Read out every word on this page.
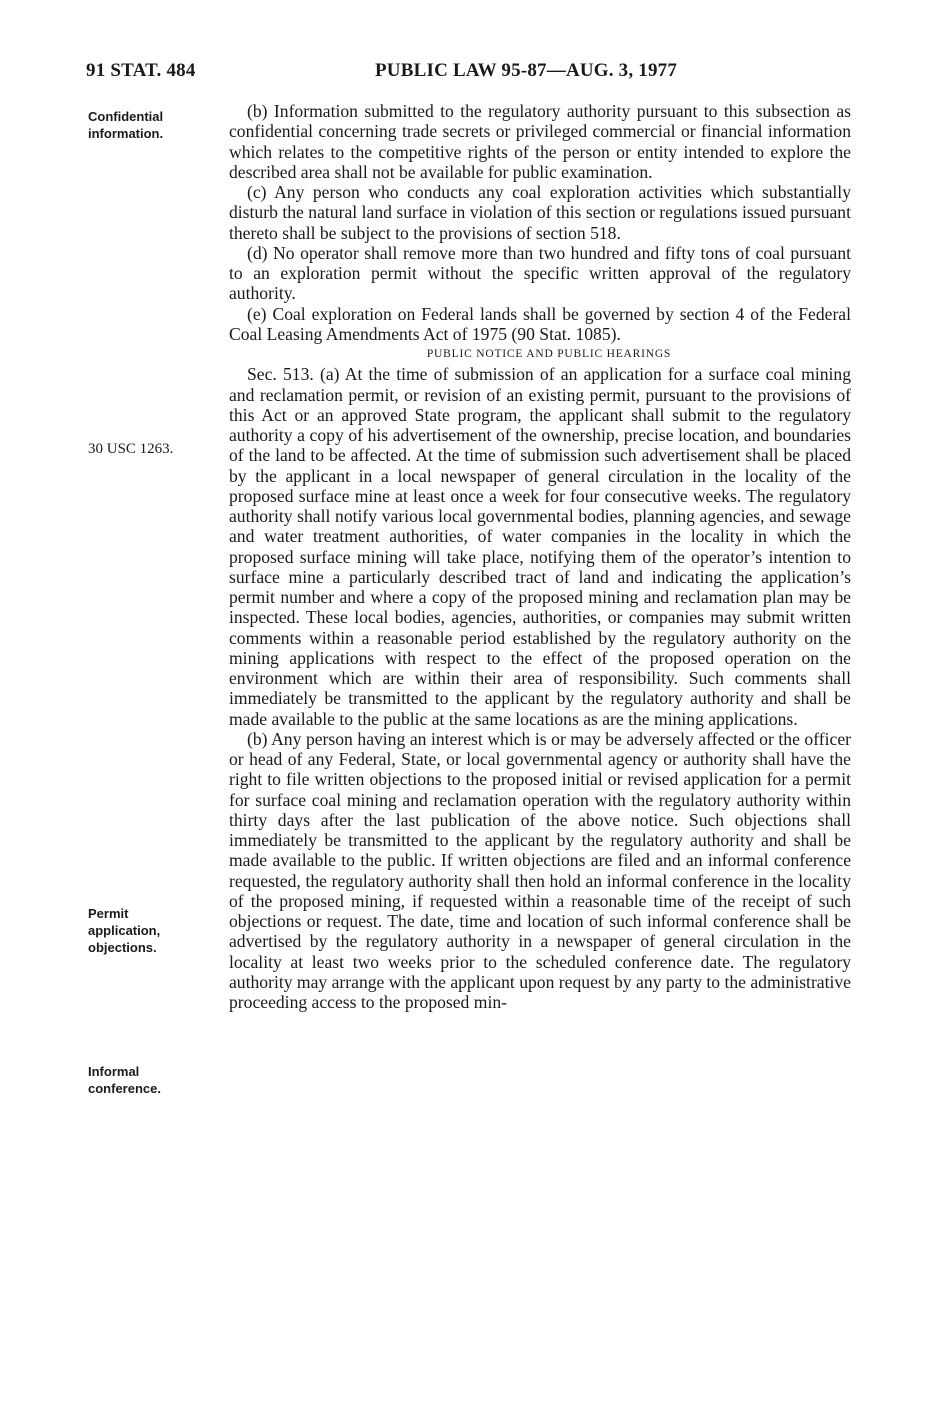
91 STAT. 484	PUBLIC LAW 95-87—AUG. 3, 1977
Confidential information.
30 USC 1263.
Permit application, objections.
Informal conference.

(b) Information submitted to the regulatory authority pursuant to this subsection as confidential concerning trade secrets or privileged commercial or financial information which relates to the competitive rights of the person or entity intended to explore the described area shall not be available for public examination.

(c) Any person who conducts any coal exploration activities which substantially disturb the natural land surface in violation of this section or regulations issued pursuant thereto shall be subject to the provisions of section 518.

(d) No operator shall remove more than two hundred and fifty tons of coal pursuant to an exploration permit without the specific written approval of the regulatory authority.

(e) Coal exploration on Federal lands shall be governed by section 4 of the Federal Coal Leasing Amendments Act of 1975 (90 Stat. 1085).

PUBLIC NOTICE AND PUBLIC HEARINGS

Sec. 513. (a) At the time of submission of an application for a surface coal mining and reclamation permit, or revision of an existing permit, pursuant to the provisions of this Act or an approved State program, the applicant shall submit to the regulatory authority a copy of his advertisement of the ownership, precise location, and boundaries of the land to be affected. At the time of submission such advertisement shall be placed by the applicant in a local newspaper of general circulation in the locality of the proposed surface mine at least once a week for four consecutive weeks. The regulatory authority shall notify various local governmental bodies, planning agencies, and sewage and water treatment authorities, of water companies in the locality in which the proposed surface mining will take place, notifying them of the operator’s intention to surface mine a particularly described tract of land and indicating the application’s permit number and where a copy of the proposed mining and reclamation plan may be inspected. These local bodies, agencies, authorities, or companies may submit written comments within a reasonable period established by the regulatory authority on the mining applications with respect to the effect of the proposed operation on the environment which are within their area of responsibility. Such comments shall immediately be transmitted to the applicant by the regulatory authority and shall be made available to the public at the same locations as are the mining applications.

(b) Any person having an interest which is or may be adversely affected or the officer or head of any Federal, State, or local governmental agency or authority shall have the right to file written objections to the proposed initial or revised application for a permit for surface coal mining and reclamation operation with the regulatory authority within thirty days after the last publication of the above notice. Such objections shall immediately be transmitted to the applicant by the regulatory authority and shall be made available to the public. If written objections are filed and an informal conference requested, the regulatory authority shall then hold an informal conference in the locality of the proposed mining, if requested within a reasonable time of the receipt of such objections or request. The date, time and location of such informal conference shall be advertised by the regulatory authority in a newspaper of general circulation in the locality at least two weeks prior to the scheduled conference date. The regulatory authority may arrange with the applicant upon request by any party to the administrative proceeding access to the proposed min-
